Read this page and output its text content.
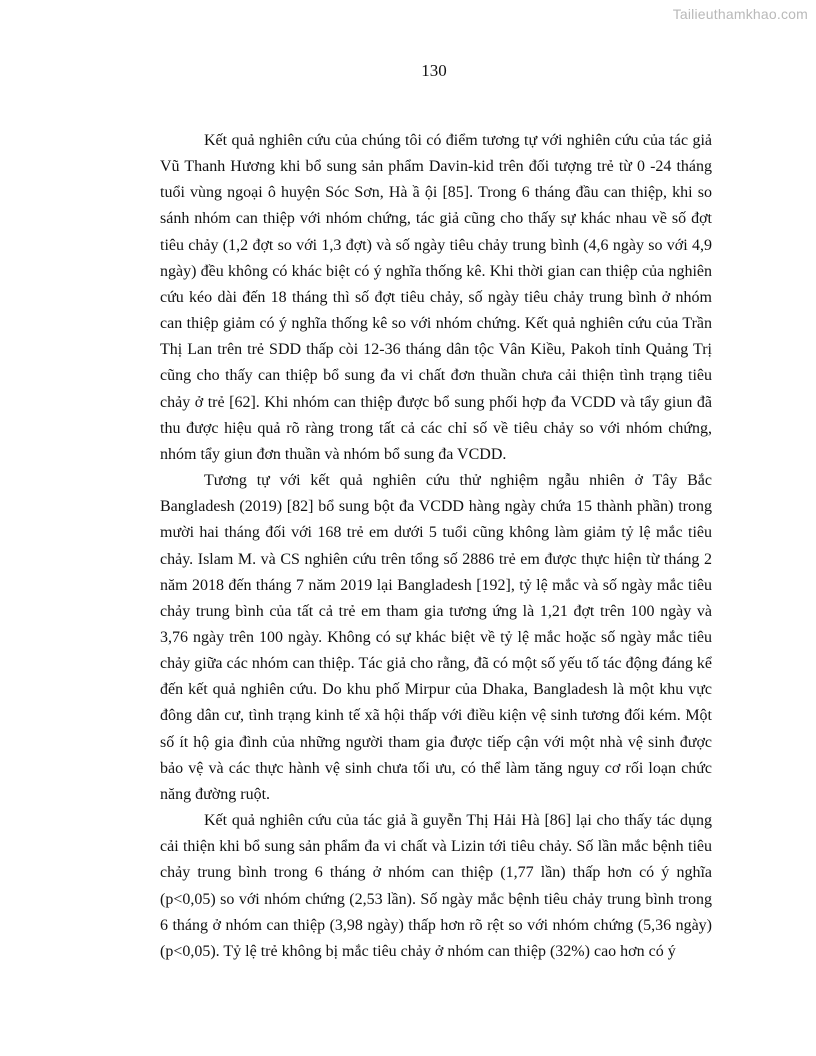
Tailieuthamkhao.com
130

Kết quả nghiên cứu của chúng tôi có điểm tương tự với nghiên cứu của tác giả Vũ Thanh Hương khi bổ sung sản phẩm Davin-kid trên đối tượng trẻ từ 0 -24 tháng tuổi vùng ngoại ô huyện Sóc Sơn, Hà ầ ội [85]. Trong 6 tháng đầu can thiệp, khi so sánh nhóm can thiệp với nhóm chứng, tác giả cũng cho thấy sự khác nhau về số đợt tiêu chảy (1,2 đợt so với 1,3 đợt) và số ngày tiêu chảy trung bình (4,6 ngày so với 4,9 ngày) đều không có khác biệt có ý nghĩa thống kê. Khi thời gian can thiệp của nghiên cứu kéo dài đến 18 tháng thì số đợt tiêu chảy, số ngày tiêu chảy trung bình ở nhóm can thiệp giảm có ý nghĩa thống kê so với nhóm chứng. Kết quả nghiên cứu của Trần Thị Lan trên trẻ SDD thấp còi 12-36 tháng dân tộc Vân Kiều, Pakoh tỉnh Quảng Trị cũng cho thấy can thiệp bổ sung đa vi chất đơn thuần chưa cải thiện tình trạng tiêu chảy ở trẻ [62]. Khi nhóm can thiệp được bổ sung phối hợp đa VCDD và tẩy giun đã thu được hiệu quả rõ ràng trong tất cả các chỉ số về tiêu chảy so với nhóm chứng, nhóm tẩy giun đơn thuần và nhóm bổ sung đa VCDD.

Tương tự với kết quả nghiên cứu thử nghiệm ngẫu nhiên ở Tây Bắc Bangladesh (2019) [82] bổ sung bột đa VCDD hàng ngày chứa 15 thành phần) trong mười hai tháng đối với 168 trẻ em dưới 5 tuổi cũng không làm giảm tỷ lệ mắc tiêu chảy. Islam M. và CS nghiên cứu trên tổng số 2886 trẻ em được thực hiện từ tháng 2 năm 2018 đến tháng 7 năm 2019 lại Bangladesh [192], tỷ lệ mắc và số ngày mắc tiêu chảy trung bình của tất cả trẻ em tham gia tương ứng là 1,21 đợt trên 100 ngày và 3,76 ngày trên 100 ngày. Không có sự khác biệt về tỷ lệ mắc hoặc số ngày mắc tiêu chảy giữa các nhóm can thiệp. Tác giả cho rằng, đã có một số yếu tố tác động đáng kể đến kết quả nghiên cứu. Do khu phố Mirpur của Dhaka, Bangladesh là một khu vực đông dân cư, tình trạng kinh tế xã hội thấp với điều kiện vệ sinh tương đối kém. Một số ít hộ gia đình của những người tham gia được tiếp cận với một nhà vệ sinh được bảo vệ và các thực hành vệ sinh chưa tối ưu, có thể làm tăng nguy cơ rối loạn chức năng đường ruột.

Kết quả nghiên cứu của tác giả ầ guyễn Thị Hải Hà [86] lại cho thấy tác dụng cải thiện khi bổ sung sản phẩm đa vi chất và Lizin tới tiêu chảy. Số lần mắc bệnh tiêu chảy trung bình trong 6 tháng ở nhóm can thiệp (1,77 lần) thấp hơn có ý nghĩa (p<0,05) so với nhóm chứng (2,53 lần). Số ngày mắc bệnh tiêu chảy trung bình trong 6 tháng ở nhóm can thiệp (3,98 ngày) thấp hơn rõ rệt so với nhóm chứng (5,36 ngày) (p<0,05). Tỷ lệ trẻ không bị mắc tiêu chảy ở nhóm can thiệp (32%) cao hơn có ý
